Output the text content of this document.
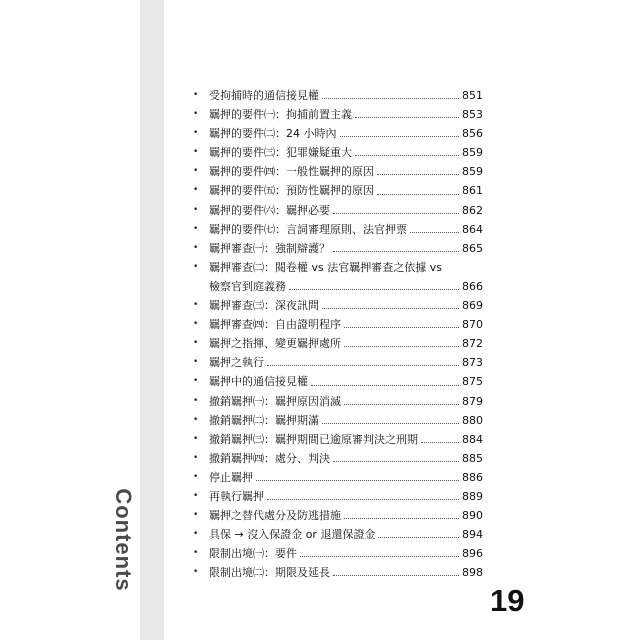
Contents
• 受拘捕時的通信接見權	851
• 羈押的要件㈠：拘捕前置主義	853
• 羈押的要件㈡：24 小時內	856
• 羈押的要件㈢：犯罪嫌疑重大	859
• 羈押的要件㈣：一般性羈押的原因	859
• 羈押的要件㈤：預防性羈押的原因	861
• 羈押的要件㈥：羈押必要	862
• 羈押的要件㈦：言詞審理原則、法官押票	864
• 羈押審查㈠：強制辯護？	865
• 羈押審查㈡：閱卷權 vs 法官羈押審查之依據 vs
檢察官到庭義務	866
• 羈押審查㈢：深夜訊問	869
• 羈押審查㈣：自由證明程序	870
• 羈押之指揮、變更羈押處所	872
• 羈押之執行	873
• 羈押中的通信接見權	875
• 撤銷羈押㈠：羈押原因消滅	879
• 撤銷羈押㈡：羈押期滿	880
• 撤銷羈押㈢：羈押期間已逾原審判決之刑期	884
• 撤銷羈押㈣：處分、判決	885
• 停止羈押	886
• 再執行羈押	889
• 羈押之替代處分及防逃措施	890
• 具保 → 沒入保證金 or 退還保證金	894
• 限制出境㈠：要件	896
• 限制出境㈡：期限及延長	898
19
